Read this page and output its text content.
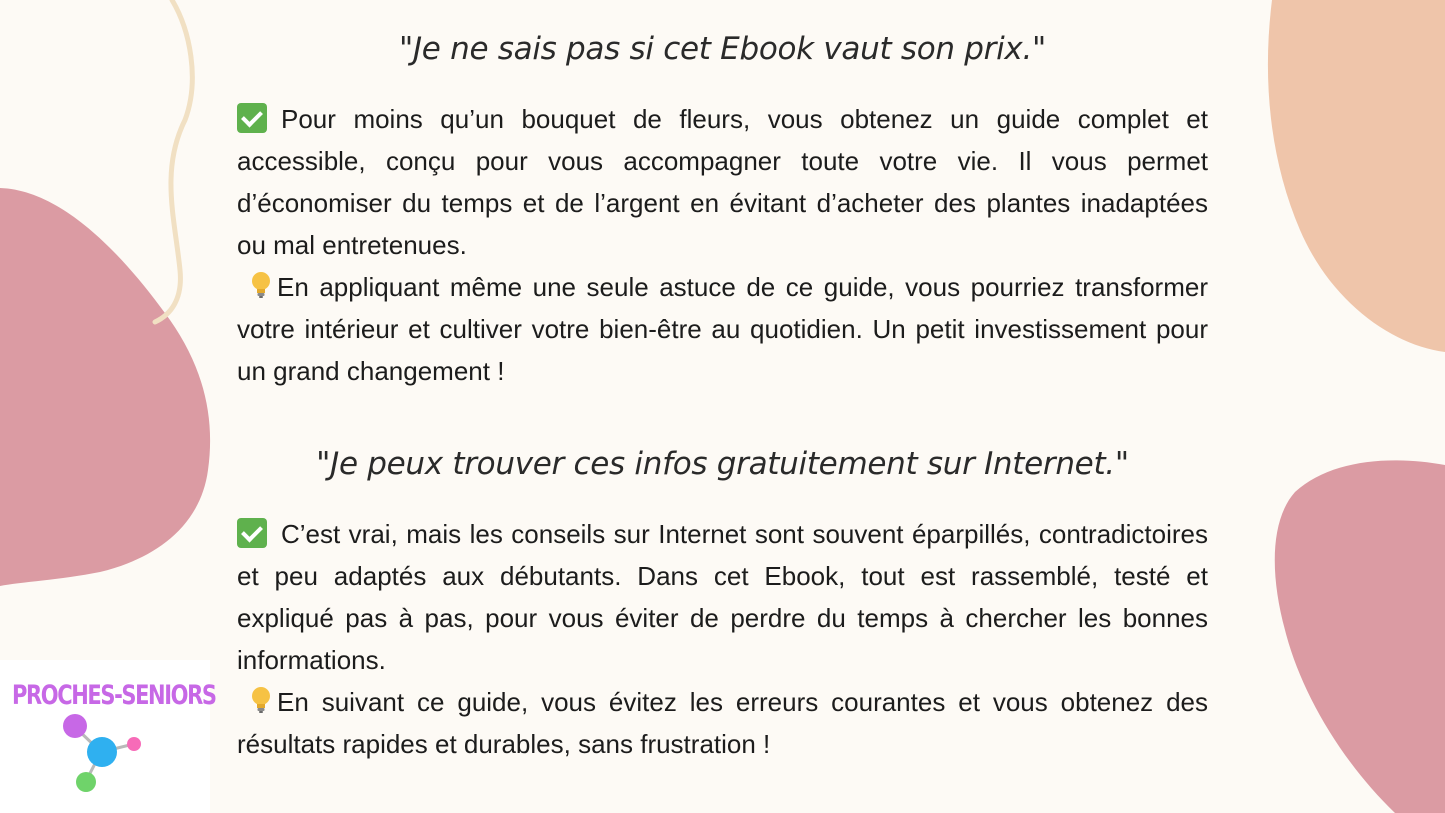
"Je ne sais pas si cet Ebook vaut son prix."
Pour moins qu’un bouquet de fleurs, vous obtenez un guide complet et accessible, conçu pour vous accompagner toute votre vie. Il vous permet d’économiser du temps et de l’argent en évitant d’acheter des plantes inadaptées ou mal entretenues.
En appliquant même une seule astuce de ce guide, vous pourriez transformer votre intérieur et cultiver votre bien-être au quotidien. Un petit investissement pour un grand changement !
"Je peux trouver ces infos gratuitement sur Internet."
C’est vrai, mais les conseils sur Internet sont souvent éparpillés, contradictoires et peu adaptés aux débutants. Dans cet Ebook, tout est rassemblé, testé et expliqué pas à pas, pour vous éviter de perdre du temps à chercher les bonnes informations.
En suivant ce guide, vous évitez les erreurs courantes et vous obtenez des résultats rapides et durables, sans frustration !
PROCHES-SENIORS
